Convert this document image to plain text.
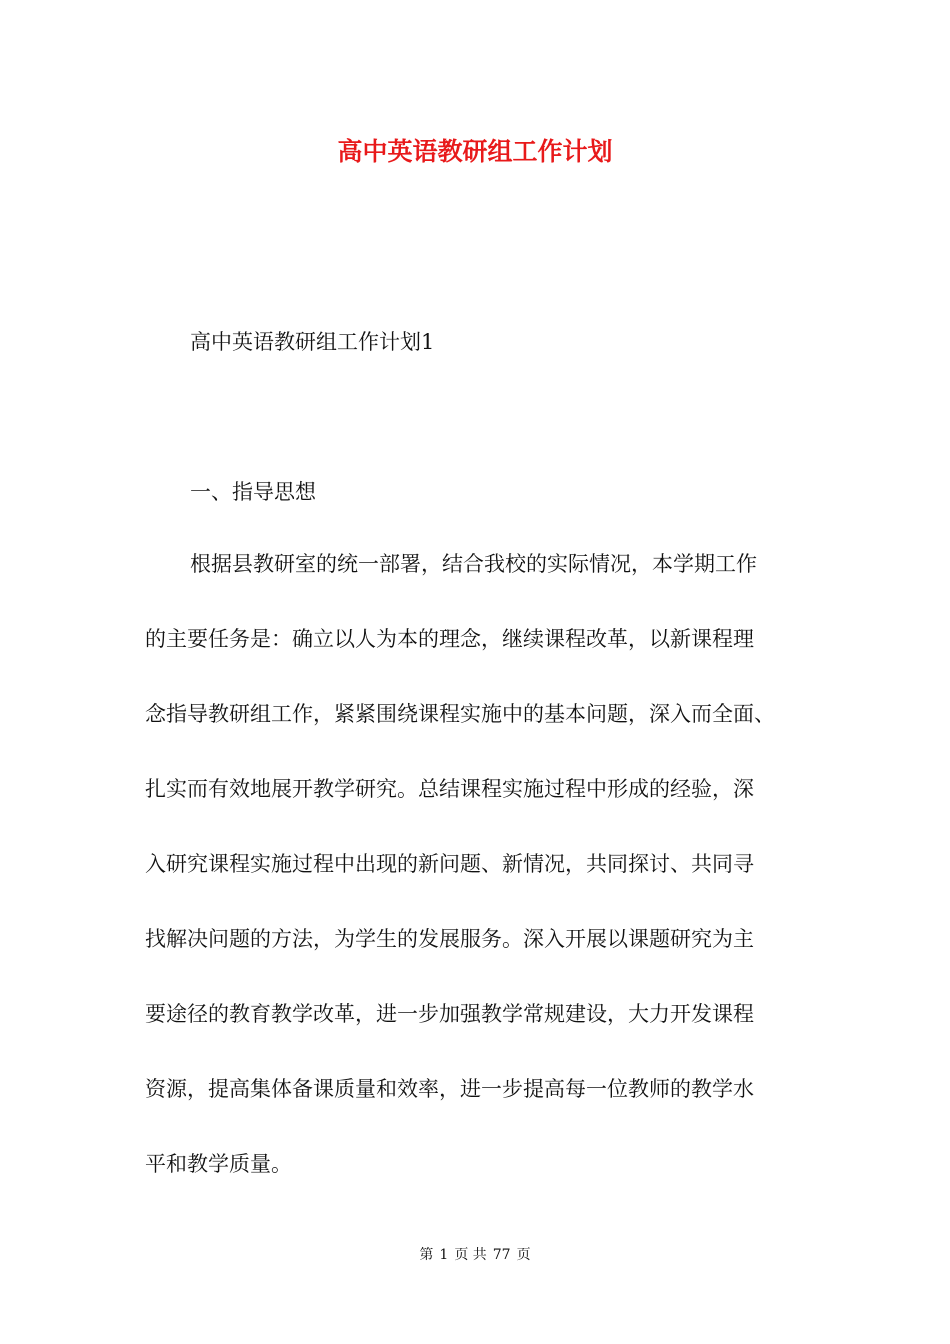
高中英语教研组工作计划
高中英语教研组工作计划1
一、指导思想
根据县教研室的统一部署，结合我校的实际情况，本学期工作
的主要任务是：确立以人为本的理念，继续课程改革，以新课程理
念指导教研组工作，紧紧围绕课程实施中的基本问题，深入而全面、
扎实而有效地展开教学研究。总结课程实施过程中形成的经验，深
入研究课程实施过程中出现的新问题、新情况，共同探讨、共同寻
找解决问题的方法，为学生的发展服务。深入开展以课题研究为主
要途径的教育教学改革，进一步加强教学常规建设，大力开发课程
资源，提高集体备课质量和效率，进一步提高每一位教师的教学水
平和教学质量。
第 1 页 共 77 页
